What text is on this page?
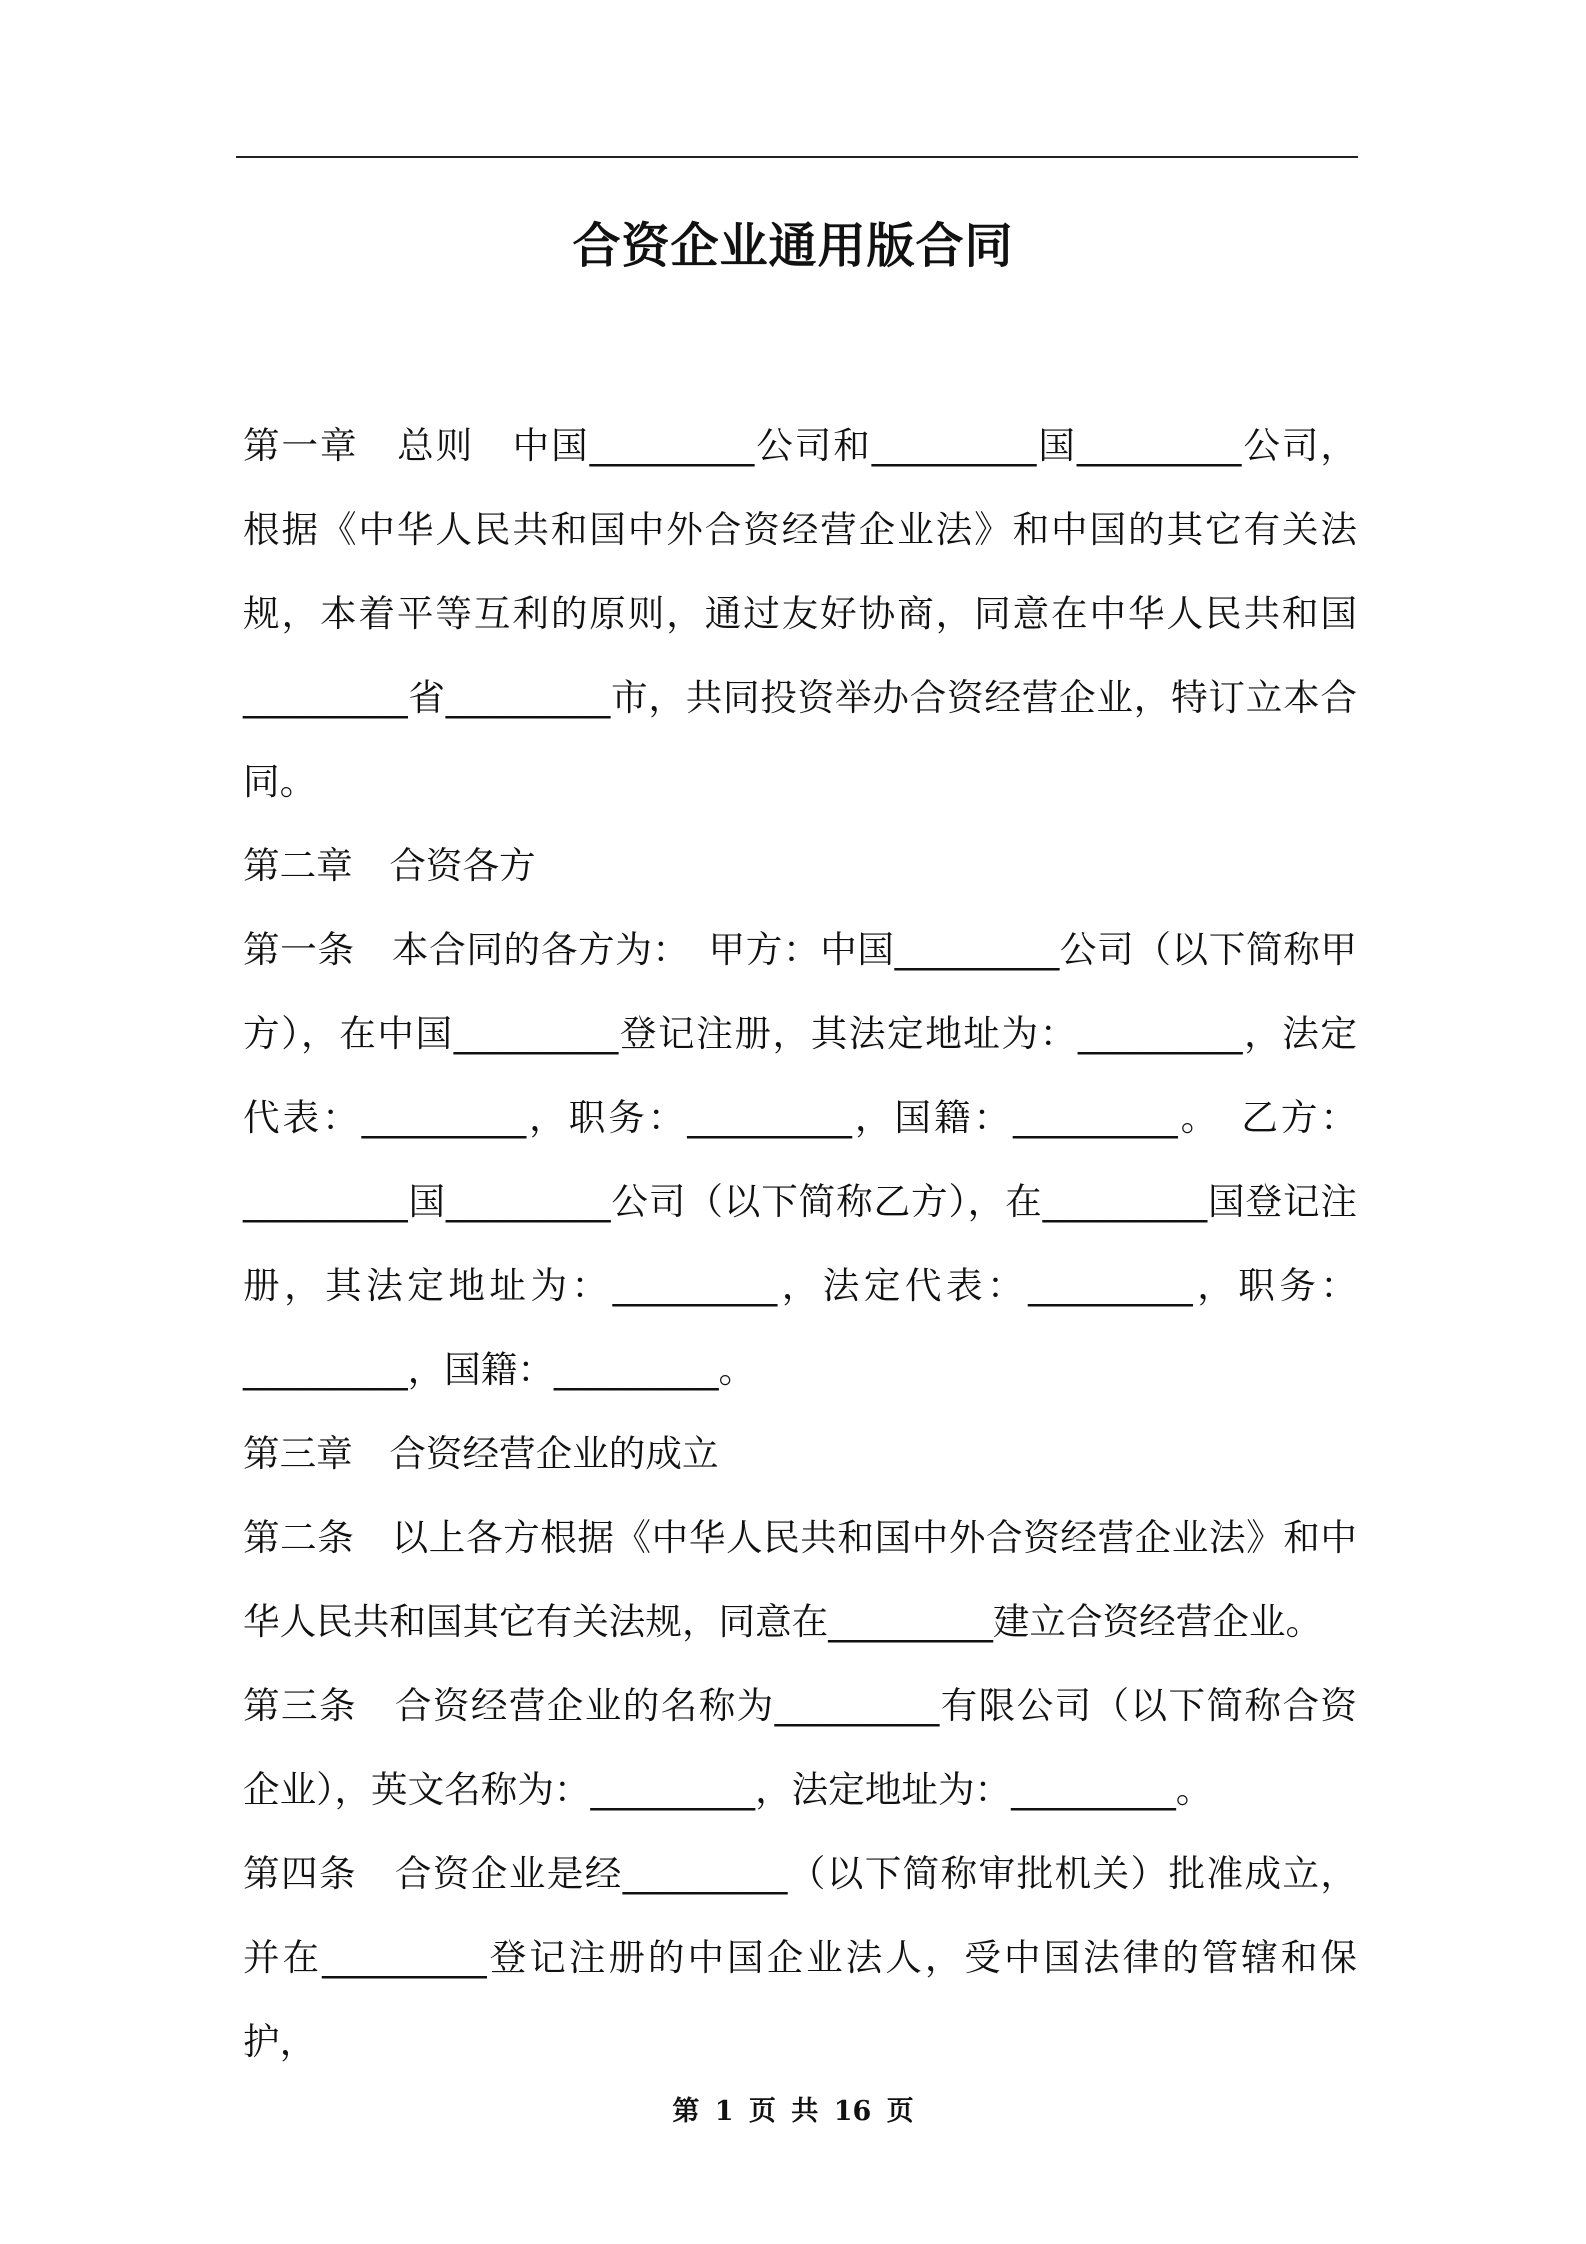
合资企业通用版合同

第一章　总则　中国_________公司和_________国_________公司，根据《中华人民共和国中外合资经营企业法》和中国的其它有关法规，本着平等互利的原则，通过友好协商，同意在中华人民共和国_________省_________市，共同投资举办合资经营企业，特订立本合同。

第二章　合资各方

第一条　本合同的各方为：　甲方：中国_________公司（以下简称甲方），在中国_________登记注册，其法定地址为：_________，法定代表：_________，职务：_________，国籍：_________。　乙方：_________国_________公司（以下简称乙方），在_________国登记注册，其法定地址为：_________，法定代表：_________，职务：_________，国籍：_________。

第三章　合资经营企业的成立

第二条　以上各方根据《中华人民共和国中外合资经营企业法》和中华人民共和国其它有关法规，同意在_________建立合资经营企业。

第三条　合资经营企业的名称为_________有限公司（以下简称合资企业），英文名称为：_________，法定地址为：_________。

第四条　合资企业是经_________（以下简称审批机关）批准成立，并在_________登记注册的中国企业法人，受中国法律的管辖和保护，

第 1 页 共 16 页
